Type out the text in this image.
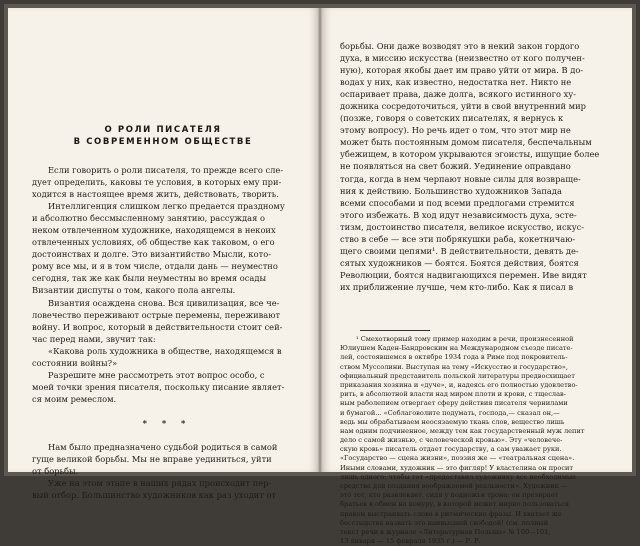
О РОЛИ ПИСАТЕЛЯ
В СОВРЕМЕННОМ ОБЩЕСТВЕ
Если говорить о роли писателя, то прежде всего сле-
дует определить, каковы те условия, в которых ему при-
ходится в настоящее время жить, действовать, творить.
Интеллигенция слишком легко предается праздному
и абсолютно бессмысленному занятию, рассуждая о
неком отвлеченном художнике, находящемся в некоих
отвлеченных условиях, об обществе как таковом, о его
достоинствах и долге. Это византийство Мысли, кото-
рому все мы, и я в том числе, отдали дань — неуместно
сегодня, так же как были неуместны во время осады
Византии диспуты о том, какого пола ангелы.
Византия осаждена снова. Вся цивилизация, все че-
ловечество переживают острые перемены, переживают
войну. И вопрос, который в действительности стоит сей-
час перед нами, звучит так:
«Какова роль художника в обществе, находящемся в
состоянии войны?»
Разрешите мне рассмотреть этот вопрос особо, с
моей точки зрения писателя, поскольку писание являет-
ся моим ремеслом.
* * *
Нам было предназначено судьбой родиться в самой
гуще великой борьбы. Мы не вправе уединиться, уйти
от борьбы.
Уже на этом этапе в наших рядах происходит пер-
вый отбор. Большинство художников как раз уходит от
борьбы. Они даже возводят это в некий закон гордого
духа, в миссию искусства (неизвестно от кого получен-
ную), которая якобы дает им право уйти от мира. В до-
водах у них, как известно, недостатка нет. Никто не
оспаривает права, даже долга, всякого истинного ху-
дожника сосредоточиться, уйти в свой внутренний мир
(позже, говоря о советских писателях, я вернусь к
этому вопросу). Но речь идет о том, что этот мир не
может быть постоянным домом писателя, беспечальным
убежищем, в котором укрываются эгоисты, ищущие более
не появляться на свет божий. Уединение оправдано
тогда, когда в нем черпают новые силы для возвраще-
ния к действию. Большинство художников Запада
всеми способами и под всеми предлогами стремится
этого избежать. В ход идут независимость духа, эсте-
тизм, достоинство писателя, великое искусство, искус-
ство в себе — все эти побрякушки раба, кокетничаю-
щего своими цепями¹. В действительности, девять де-
сятых художников — боятся. Боятся действия, боятся
Революции, боятся надвигающихся перемен. Иве видят
их приближение лучше, чем кто-либо. Как я писал в
¹ Смехотворный тому пример находим в речи, произнесенной
Юлиушем Каден-Бандровским на Международном съезде писате-
лей, состоявшемся в октябре 1934 года в Риме под покровитель-
ством Муссолини. Выступая на тему «Искусство и государство»,
официальный представитель польской литературы предвосхищает
приказания хозяина и «дуче», и, надеясь его полностью удовлетво-
рить, в абсолютной власти над миром плоти и крови, с тщеслав-
ным раболепием отвергает сферу действия писателя чернилами
и бумагой... «Соблаговолите подумать, господа,— сказал он,—
ведь мы обрабатываем неосязаемую ткань слов, вещество лишь
нам одним подчиненное, между тем как государственный муж лепит
дело с самой жизнью, с человеческой кровью». Эту «человече-
скую кровь» писатель отдает государству, а сам уважает руки.
«Государство — сцена жизни», поэзия же — «театральная сцена».
Иными словами, художник — это фигляр! У властелина он просит
лишь одного: чтобы тот «предоставил художнику все необходимые
средства для создания воображаемой реальности». Художник —
это тот, кто развлекает, сидя у подножья трона; он презирает
братьев в обмен на конуру, в которой может мирно пользоваться
правом выстраивать слова в ритмические фразы. И хватает же
бесстыдства назвать это наивысшей свободой! (см. полный
текст речи в журнале «Литературная Польша» № 100—101,
13 января — 15 февраля 1935 г.) — Р. Р.
